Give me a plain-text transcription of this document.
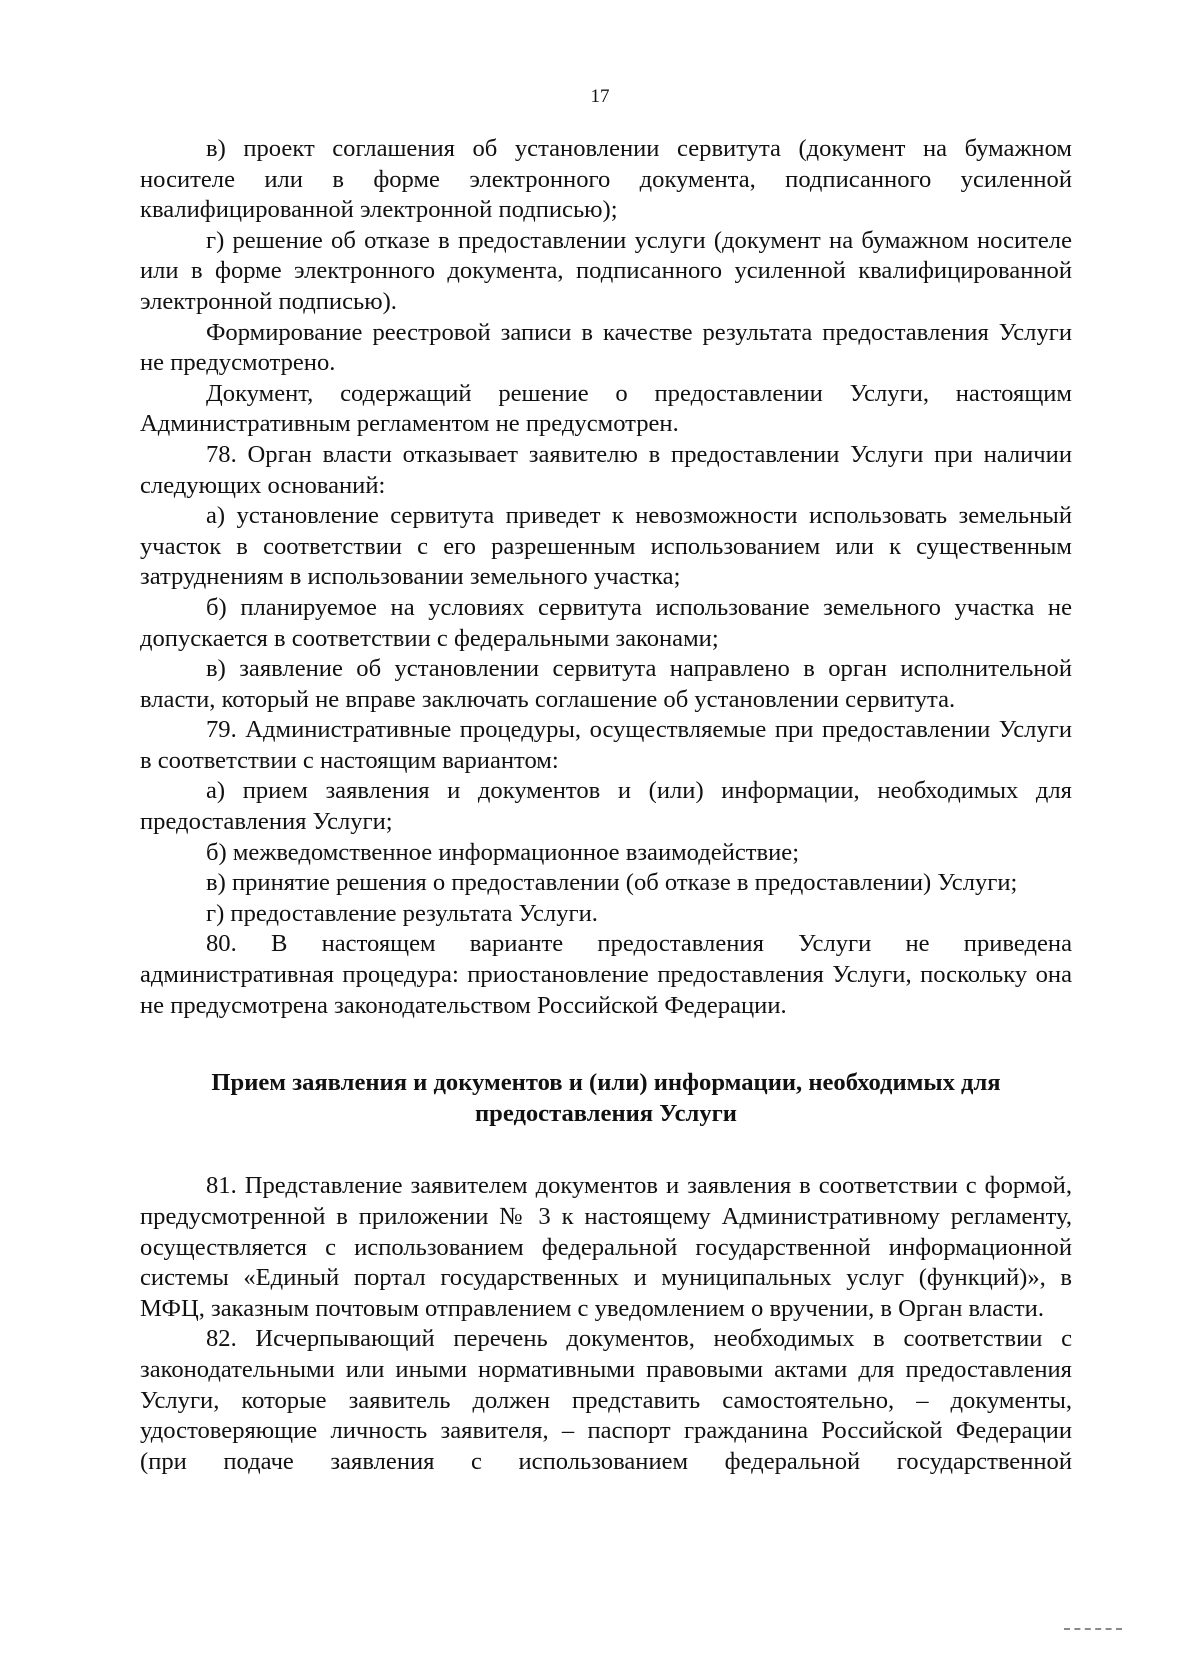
17

в) проект соглашения об установлении сервитута (документ на бумажном носителе или в форме электронного документа, подписанного усиленной квалифицированной электронной подписью);

г) решение об отказе в предоставлении услуги (документ на бумажном носителе или в форме электронного документа, подписанного усиленной квалифицированной электронной подписью).

Формирование реестровой записи в качестве результата предоставления Услуги не предусмотрено.

Документ, содержащий решение о предоставлении Услуги, настоящим Административным регламентом не предусмотрен.

78. Орган власти отказывает заявителю в предоставлении Услуги при наличии следующих оснований:

а) установление сервитута приведет к невозможности использовать земельный участок в соответствии с его разрешенным использованием или к существенным затруднениям в использовании земельного участка;

б) планируемое на условиях сервитута использование земельного участка не допускается в соответствии с федеральными законами;

в) заявление об установлении сервитута направлено в орган исполнительной власти, который не вправе заключать соглашение об установлении сервитута.

79. Административные процедуры, осуществляемые при предоставлении Услуги в соответствии с настоящим вариантом:

а) прием заявления и документов и (или) информации, необходимых для предоставления Услуги;

б) межведомственное информационное взаимодействие;

в) принятие решения о предоставлении (об отказе в предоставлении) Услуги;

г) предоставление результата Услуги.

80. В настоящем варианте предоставления Услуги не приведена административная процедура: приостановление предоставления Услуги, поскольку она не предусмотрена законодательством Российской Федерации.

Прием заявления и документов и (или) информации, необходимых для предоставления Услуги

81. Представление заявителем документов и заявления в соответствии с формой, предусмотренной в приложении № 3 к настоящему Административному регламенту, осуществляется с использованием федеральной государственной информационной системы «Единый портал государственных и муниципальных услуг (функций)», в МФЦ, заказным почтовым отправлением с уведомлением о вручении, в Орган власти.

82. Исчерпывающий перечень документов, необходимых в соответствии с законодательными или иными нормативными правовыми актами для предоставления Услуги, которые заявитель должен представить самостоятельно, – документы, удостоверяющие личность заявителя, – паспорт гражданина Российской Федерации (при подаче заявления с использованием федеральной государственной
